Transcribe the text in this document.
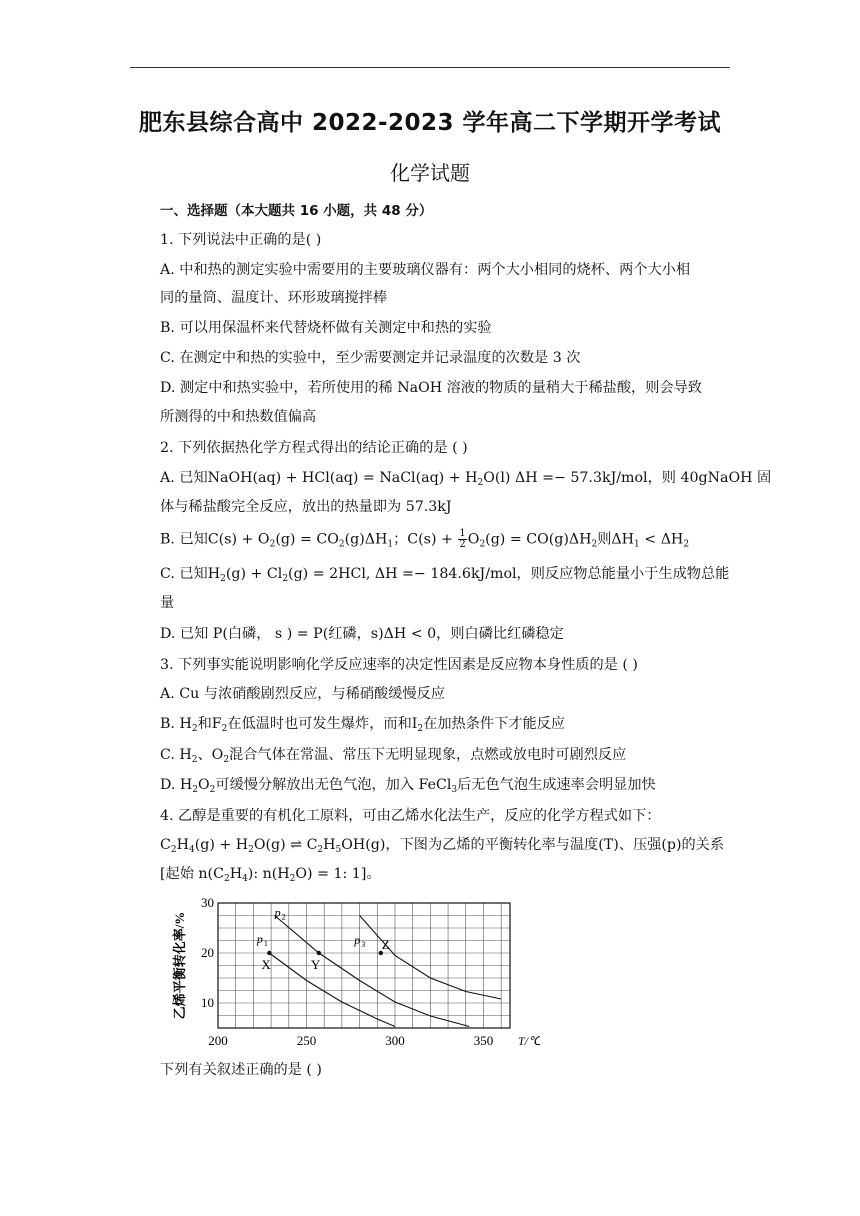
肥东县综合高中 2022-2023 学年高二下学期开学考试
化学试题
一、选择题（本大题共 16 小题，共 48 分）
1. 下列说法中正确的是( )
A. 中和热的测定实验中需要用的主要玻璃仪器有：两个大小相同的烧杯、两个大小相
同的量筒、温度计、环形玻璃搅拌棒
B. 可以用保温杯来代替烧杯做有关测定中和热的实验
C. 在测定中和热的实验中，至少需要测定并记录温度的次数是 3 次
D. 测定中和热实验中，若所使用的稀 NaOH 溶液的物质的量稍大于稀盐酸，则会导致
所测得的中和热数值偏高
2. 下列依据热化学方程式得出的结论正确的是 ( )
A. 已知NaOH(aq) + HCl(aq) = NaCl(aq) + $H_2O(l) \Delta H =- 57.3kJ/mol$，则 40gNaOH 固
体与稀盐酸完全反应，放出的热量即为 57.3kJ
B. 已知$C(s) + O_2(g) = CO_2(g)\Delta H_1$；$C(s) + \frac{1}{2} O_2(g) = CO(g)\Delta H_2$则$\Delta H_1 < \Delta H_2$
C. 已知$H_2(g) + Cl_2(g) = 2HCl$, ΔH =− 184.6kJ/mol，则反应物总能量小于生成物总能
量
D. 已知 P(白磷， s ) = P(红磷，s)ΔH < 0，则白磷比红磷稳定
3. 下列事实能说明影响化学反应速率的决定性因素是反应物本身性质的是 ( )
A. Cu 与浓硝酸剧烈反应，与稀硝酸缓慢反应
B. $H_2$和$F_2$在低温时也可发生爆炸，而和$I_2$在加热条件下才能反应
C. $H_2$、$O_2$混合气体在常温、常压下无明显现象，点燃或放电时可剧烈反应
D. $H_2O_2$可缓慢分解放出无色气泡，加入 FeCl$_3$后无色气泡生成速率会明显加快
4. 乙醇是重要的有机化工原料，可由乙烯水化法生产，反应的化学方程式如下：
$C_2H_4(g) + H_2O(g)$ ⇌ $C_2H_5OH(g)$，下图为乙烯的平衡转化率与温度(T)、压强(p)的关系
[起始 $n(C_2H_4)$: $n(H_2O) = 1$: 1]。
X	Y
Z
p 1
p 2
p 3
200	250	300	350
10
20
30
T/℃
乙烯平衡转化率/%
下列有关叙述正确的是 ( )
